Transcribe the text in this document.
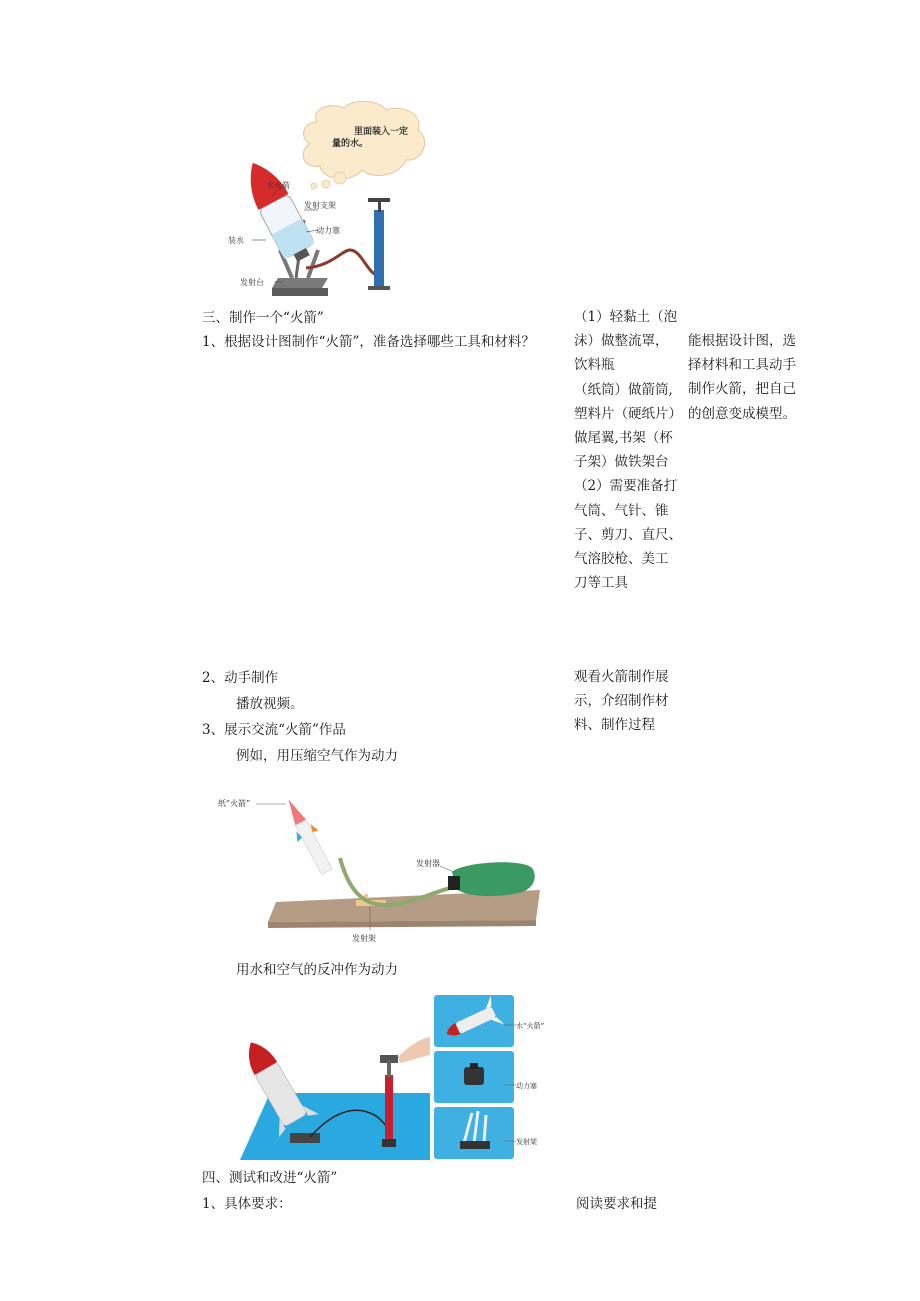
里面装入一定
量的水。
水火箭
发射支架
动力塞
装水
发射台
三、制作一个“火箭”
1、根据设计图制作“火箭”，准备选择哪些工具和材料？
（1）轻黏土（泡
沫）做整流罩，
饮料瓶
（纸筒）做箭筒,
塑料片（硬纸片）
做尾翼,书架（杯
子架）做铁架台
（2）需要准备打
气筒、气针、锥
子、剪刀、直尺、
气溶胶枪、美工
刀等工具
能根据设计图，选
择材料和工具动手
制作火箭，把自己
的创意变成模型。
2、动手制作
播放视频。
3、展示交流“火箭”作品
例如，用压缩空气作为动力
观看火箭制作展
示，介绍制作材
料、制作过程
纸“火箭”
发射器
发射架
用水和空气的反冲作为动力
水“火箭”
动力塞
发射架
四、测试和改进“火箭”
1、具体要求：	阅读要求和提
